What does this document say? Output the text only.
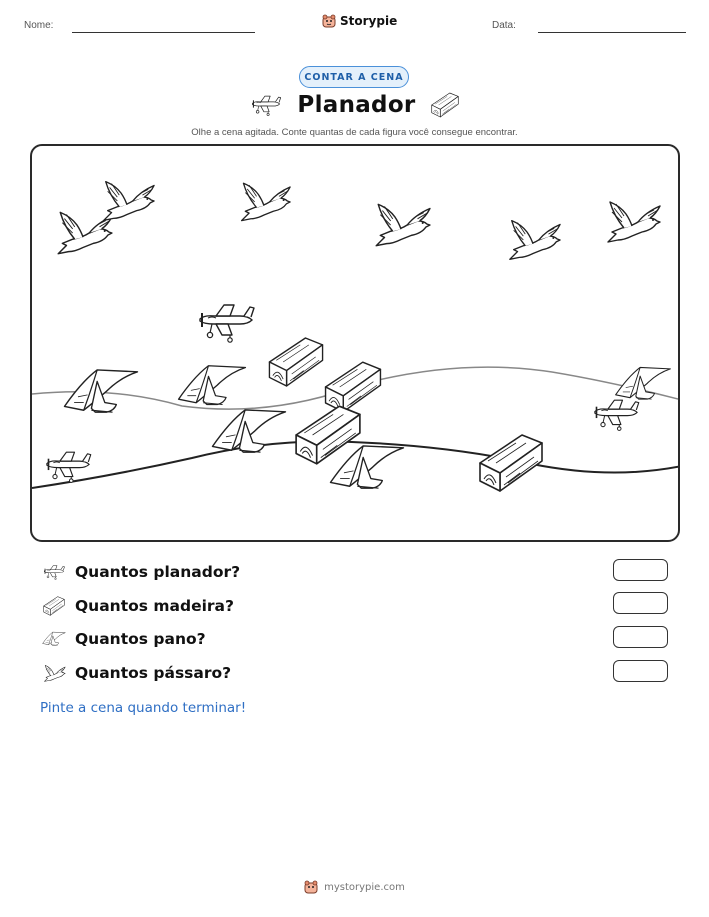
Nome:	Storypie	Data:
CONTAR A CENA
Planador
Olhe a cena agitada. Conte quantas de cada figura você consegue encontrar.
Quantos planador?
Quantos madeira?
Quantos pano?
Quantos pássaro?
Pinte a cena quando terminar!
mystorypie.com
